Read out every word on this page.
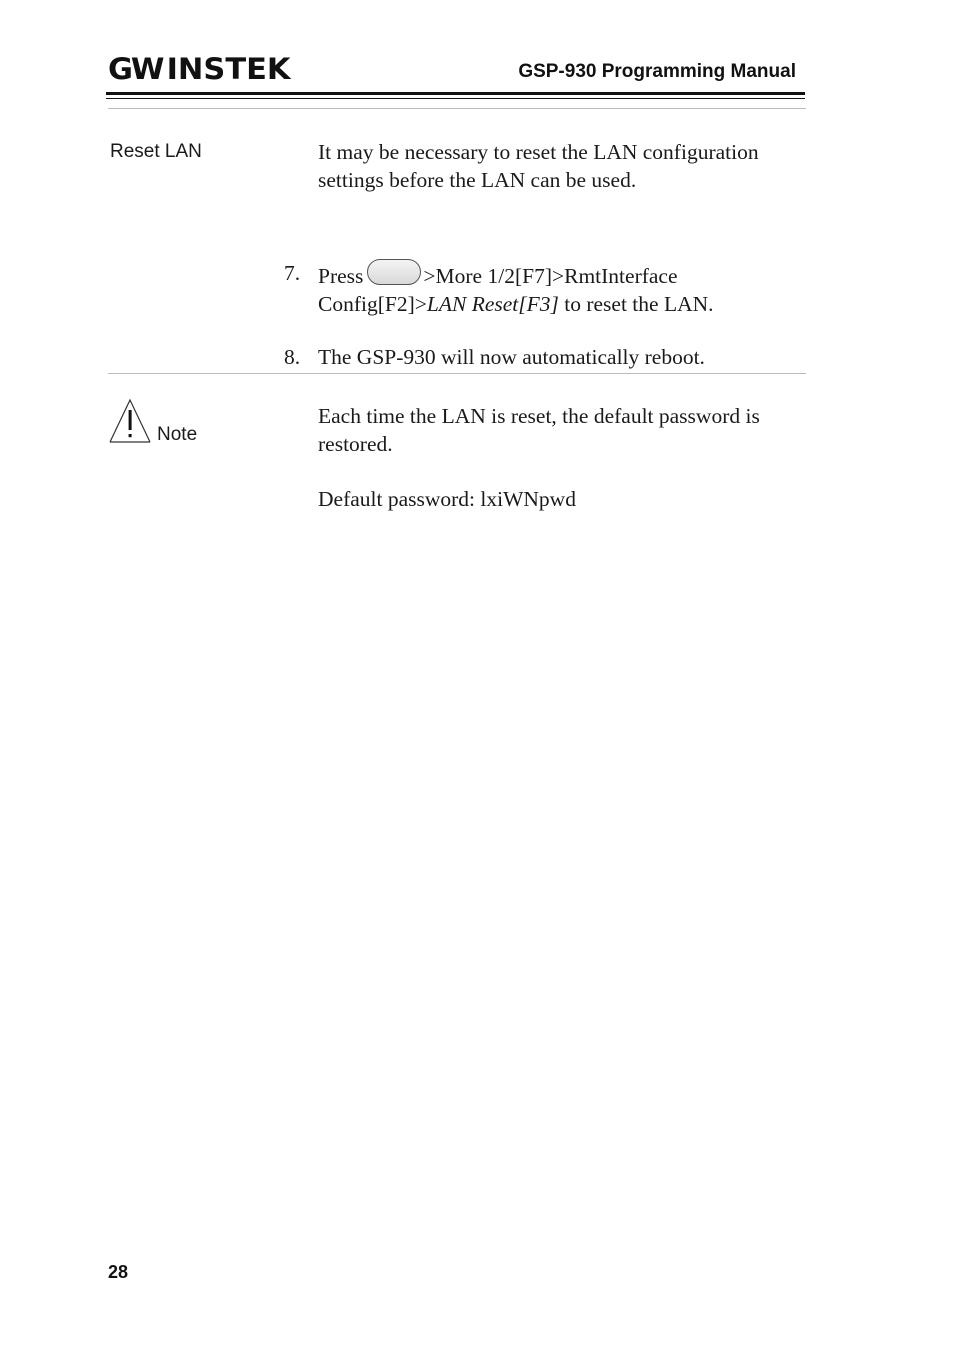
GW INSTEK	GSP-930 Programming Manual
Reset LAN	It may be necessary to reset the LAN configuration settings before the LAN can be used.
7. Press	>More 1/2[F7]>RmtInterface Config[F2]>LAN Reset[F3] to reset the LAN.
8. The GSP-930 will now automatically reboot.
Note
Each time the LAN is reset, the default password is restored.
Default password: lxiWNpwd
28
